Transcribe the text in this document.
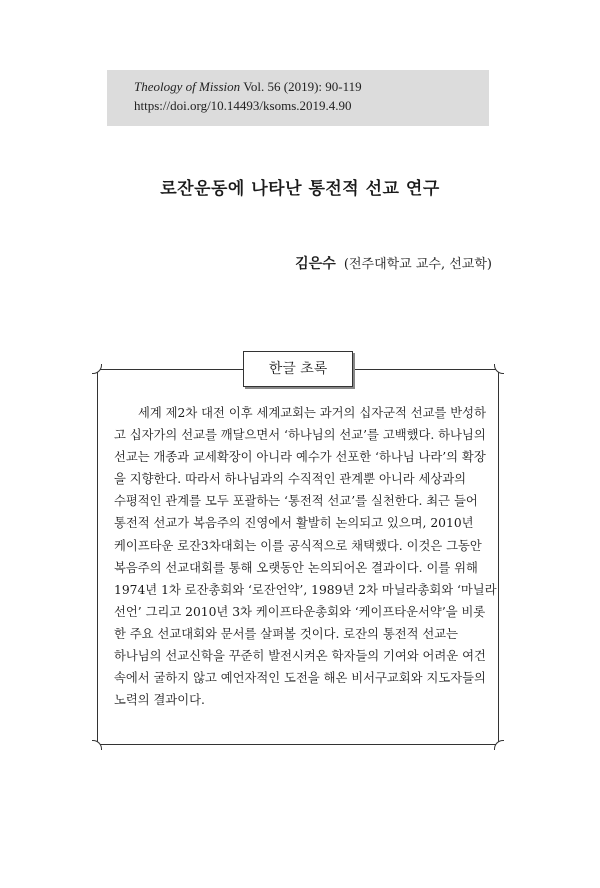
Theology of Mission Vol. 56 (2019): 90-119
https://doi.org/10.14493/ksoms.2019.4.90
로잔운동에 나타난 통전적 선교 연구
김은수 (전주대학교 교수, 선교학)
한글 초록
세계 제2차 대전 이후 세계교회는 과거의 십자군적 선교를 반성하
고 십자가의 선교를 깨달으면서 ‘하나님의 선교’를 고백했다. 하나님의
선교는 개종과 교세확장이 아니라 예수가 선포한 ‘하나님 나라’의 확장
을 지향한다. 따라서 하나님과의 수직적인 관계뿐 아니라 세상과의
수평적인 관계를 모두 포괄하는 ‘통전적 선교’를 실천한다. 최근 들어
통전적 선교가 복음주의 진영에서 활발히 논의되고 있으며, 2010년
케이프타운 로잔3차대회는 이를 공식적으로 채택했다. 이것은 그동안
복음주의 선교대회를 통해 오랫동안 논의되어온 결과이다. 이를 위해
1974년 1차 로잔총회와 ‘로잔언약’, 1989년 2차 마닐라총회와 ‘마닐라
선언’ 그리고 2010년 3차 케이프타운총회와 ‘케이프타운서약’을 비롯
한 주요 선교대회와 문서를 살펴볼 것이다. 로잔의 통전적 선교는
하나님의 선교신학을 꾸준히 발전시켜온 학자들의 기여와 어려운 여건
속에서 굴하지 않고 예언자적인 도전을 해온 비서구교회와 지도자들의
노력의 결과이다.
